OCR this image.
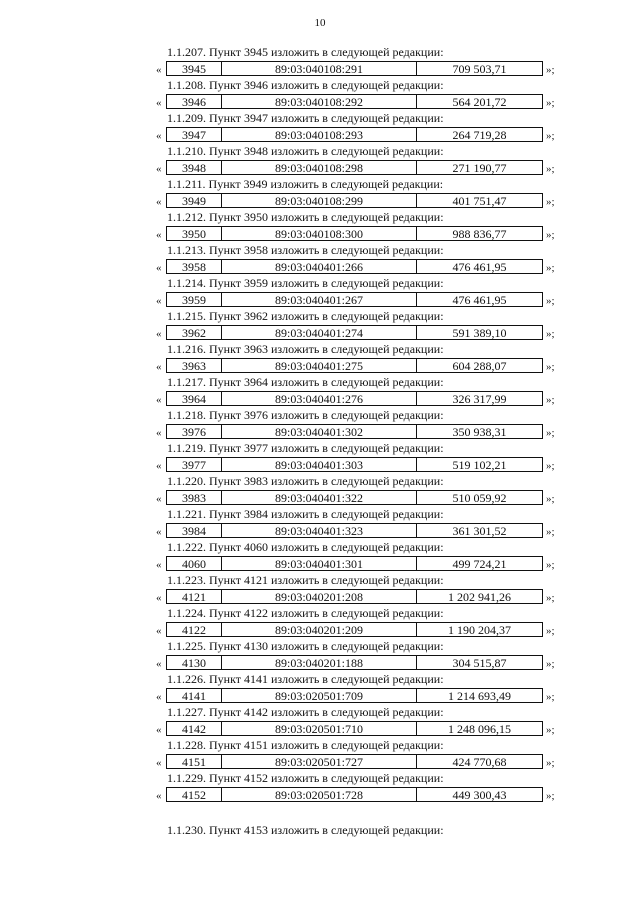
10
1.1.207. Пункт 3945 изложить в следующей редакции:
«	3945	89:03:040108:291	709 503,71	»;
1.1.208. Пункт 3946 изложить в следующей редакции:
«	3946	89:03:040108:292	564 201,72	»;
1.1.209. Пункт 3947 изложить в следующей редакции:
«	3947	89:03:040108:293	264 719,28	»;
1.1.210. Пункт 3948 изложить в следующей редакции:
«	3948	89:03:040108:298	271 190,77	»;
1.1.211. Пункт 3949 изложить в следующей редакции:
«	3949	89:03:040108:299	401 751,47	»;
1.1.212. Пункт 3950 изложить в следующей редакции:
«	3950	89:03:040108:300	988 836,77	»;
1.1.213. Пункт 3958 изложить в следующей редакции:
«	3958	89:03:040401:266	476 461,95	»;
1.1.214. Пункт 3959 изложить в следующей редакции:
«	3959	89:03:040401:267	476 461,95	»;
1.1.215. Пункт 3962 изложить в следующей редакции:
«	3962	89:03:040401:274	591 389,10	»;
1.1.216. Пункт 3963 изложить в следующей редакции:
«	3963	89:03:040401:275	604 288,07	»;
1.1.217. Пункт 3964 изложить в следующей редакции:
«	3964	89:03:040401:276	326 317,99	»;
1.1.218. Пункт 3976 изложить в следующей редакции:
«	3976	89:03:040401:302	350 938,31	»;
1.1.219. Пункт 3977 изложить в следующей редакции:
«	3977	89:03:040401:303	519 102,21	»;
1.1.220. Пункт 3983 изложить в следующей редакции:
«	3983	89:03:040401:322	510 059,92	»;
1.1.221. Пункт 3984 изложить в следующей редакции:
«	3984	89:03:040401:323	361 301,52	»;
1.1.222. Пункт 4060 изложить в следующей редакции:
«	4060	89:03:040401:301	499 724,21	»;
1.1.223. Пункт 4121 изложить в следующей редакции:
«	4121	89:03:040201:208	1 202 941,26	»;
1.1.224. Пункт 4122 изложить в следующей редакции:
«	4122	89:03:040201:209	1 190 204,37	»;
1.1.225. Пункт 4130 изложить в следующей редакции:
«	4130	89:03:040201:188	304 515,87	»;
1.1.226. Пункт 4141 изложить в следующей редакции:
«	4141	89:03:020501:709	1 214 693,49	»;
1.1.227. Пункт 4142 изложить в следующей редакции:
«	4142	89:03:020501:710	1 248 096,15	»;
1.1.228. Пункт 4151 изложить в следующей редакции:
«	4151	89:03:020501:727	424 770,68	»;
1.1.229. Пункт 4152 изложить в следующей редакции:
«	4152	89:03:020501:728	449 300,43	»;
1.1.230. Пункт 4153 изложить в следующей редакции:
